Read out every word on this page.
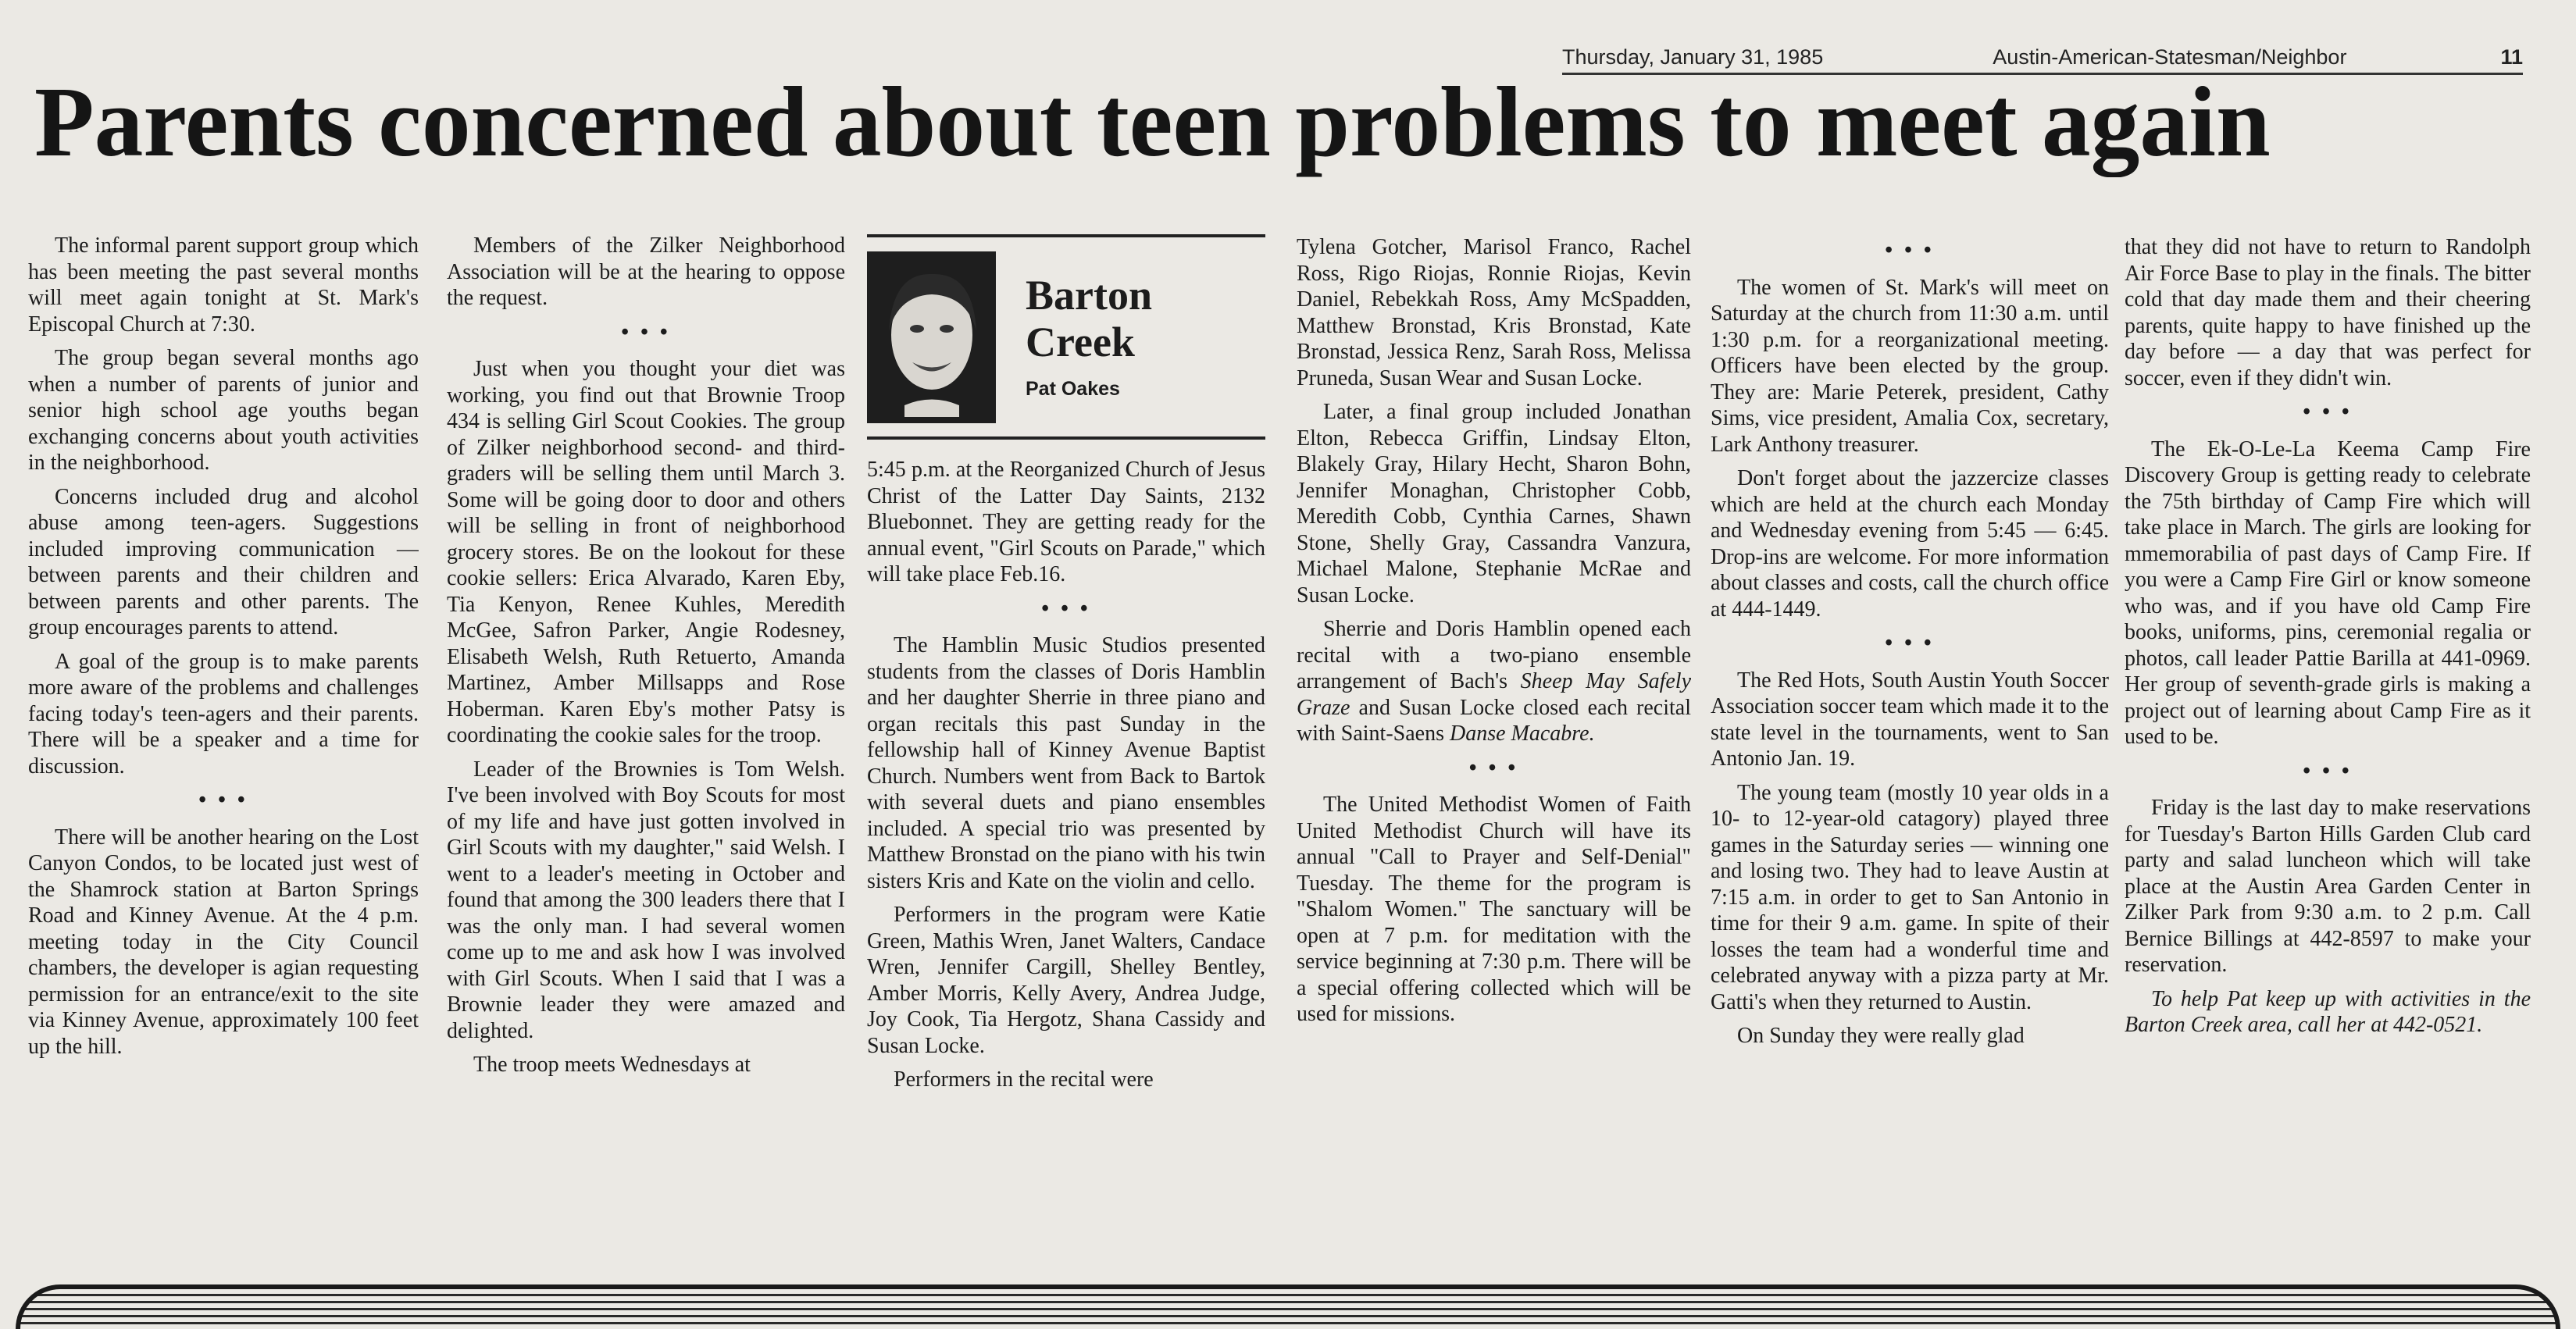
Thursday, January 31, 1985	Austin-American-Statesman/Neighbor	11
Parents concerned about teen problems to meet again

The informal parent support group which has been meeting the past several months will meet again tonight at St. Mark's Episcopal Church at 7:30.

The group began several months ago when a number of parents of junior and senior high school age youths began exchanging concerns about youth activities in the neighborhood.

Concerns included drug and alcohol abuse among teen-agers. Suggestions included improving communication — between parents and their children and between parents and other parents. The group encourages parents to attend.

A goal of the group is to make parents more aware of the problems and challenges facing today's teen-agers and their parents. There will be a speaker and a time for discussion.

• • •

There will be another hearing on the Lost Canyon Condos, to be located just west of the Shamrock station at Barton Springs Road and Kinney Avenue. At the 4 p.m. meeting today in the City Council chambers, the developer is agian requesting permission for an entrance/exit to the site via Kinney Avenue, approximately 100 feet up the hill.

Members of the Zilker Neighborhood Association will be at the hearing to oppose the request.

• • •

Just when you thought your diet was working, you find out that Brownie Troop 434 is selling Girl Scout Cookies. The group of Zilker neighborhood second- and third-graders will be selling them until March 3. Some will be going door to door and others will be selling in front of neighborhood grocery stores. Be on the lookout for these cookie sellers: Erica Alvarado, Karen Eby, Tia Kenyon, Renee Kuhles, Meredith McGee, Safron Parker, Angie Rodesney, Elisabeth Welsh, Ruth Retuerto, Amanda Martinez, Amber Millsapps and Rose Hoberman. Karen Eby's mother Patsy is coordinating the cookie sales for the troop.

Leader of the Brownies is Tom Welsh. I've been involved with Boy Scouts for most of my life and have just gotten involved in Girl Scouts with my daughter," said Welsh. I went to a leader's meeting in October and found that among the 300 leaders there that I was the only man. I had several women come up to me and ask how I was involved with Girl Scouts. When I said that I was a Brownie leader they were amazed and delighted.

The troop meets Wednesdays at

Barton
Creek
Pat Oakes

5:45 p.m. at the Reorganized Church of Jesus Christ of the Latter Day Saints, 2132 Bluebonnet. They are getting ready for the annual event, "Girl Scouts on Parade," which will take place Feb.16.

• • •

The Hamblin Music Studios presented students from the classes of Doris Hamblin and her daughter Sherrie in three piano and organ recitals this past Sunday in the fellowship hall of Kinney Avenue Baptist Church. Numbers went from Back to Bartok with several duets and piano ensembles included. A special trio was presented by Matthew Bronstad on the piano with his twin sisters Kris and Kate on the violin and cello.

Performers in the program were Katie Green, Mathis Wren, Janet Walters, Candace Wren, Jennifer Cargill, Shelley Bentley, Amber Morris, Kelly Avery, Andrea Judge, Joy Cook, Tia Hergotz, Shana Cassidy and Susan Locke.

Performers in the recital were

Tylena Gotcher, Marisol Franco, Rachel Ross, Rigo Riojas, Ronnie Riojas, Kevin Daniel, Rebekkah Ross, Amy McSpadden, Matthew Bronstad, Kris Bronstad, Kate Bronstad, Jessica Renz, Sarah Ross, Melissa Pruneda, Susan Wear and Susan Locke.

Later, a final group included Jonathan Elton, Rebecca Griffin, Lindsay Elton, Blakely Gray, Hilary Hecht, Sharon Bohn, Jennifer Monaghan, Christopher Cobb, Meredith Cobb, Cynthia Carnes, Shawn Stone, Shelly Gray, Cassandra Vanzura, Michael Malone, Stephanie McRae and Susan Locke.

Sherrie and Doris Hamblin opened each recital with a two-piano ensemble arrangement of Bach's Sheep May Safely Graze and Susan Locke closed each recital with Saint-Saens Danse Macabre.

• • •

The United Methodist Women of Faith United Methodist Church will have its annual "Call to Prayer and Self-Denial" Tuesday. The theme for the program is "Shalom Women." The sanctuary will be open at 7 p.m. for meditation with the service beginning at 7:30 p.m. There will be a special offering collected which will be used for missions.

• • •

The women of St. Mark's will meet on Saturday at the church from 11:30 a.m. until 1:30 p.m. for a reorganizational meeting. Officers have been elected by the group. They are: Marie Peterek, president, Cathy Sims, vice president, Amalia Cox, secretary, Lark Anthony treasurer.

Don't forget about the jazzercize classes which are held at the church each Monday and Wednesday evening from 5:45 — 6:45. Drop-ins are welcome. For more information about classes and costs, call the church office at 444-1449.

• • •

The Red Hots, South Austin Youth Soccer Association soccer team which made it to the state level in the tournaments, went to San Antonio Jan. 19.

The young team (mostly 10 year olds in a 10- to 12-year-old catagory) played three games in the Saturday series — winning one and losing two. They had to leave Austin at 7:15 a.m. in order to get to San Antonio in time for their 9 a.m. game. In spite of their losses the team had a wonderful time and celebrated anyway with a pizza party at Mr. Gatti's when they returned to Austin.

On Sunday they were really glad

that they did not have to return to Randolph Air Force Base to play in the finals. The bitter cold that day made them and their cheering parents, quite happy to have finished up the day before — a day that was perfect for soccer, even if they didn't win.

• • •

The Ek-O-Le-La Keema Camp Fire Discovery Group is getting ready to celebrate the 75th birthday of Camp Fire which will take place in March. The girls are looking for mmemorabilia of past days of Camp Fire. If you were a Camp Fire Girl or know someone who was, and if you have old Camp Fire books, uniforms, pins, ceremonial regalia or photos, call leader Pattie Barilla at 441-0969. Her group of seventh-grade girls is making a project out of learning about Camp Fire as it used to be.

• • •

Friday is the last day to make reservations for Tuesday's Barton Hills Garden Club card party and salad luncheon which will take place at the Austin Area Garden Center in Zilker Park from 9:30 a.m. to 2 p.m. Call Bernice Billings at 442-8597 to make your reservation.

To help Pat keep up with activities in the Barton Creek area, call her at 442-0521.
